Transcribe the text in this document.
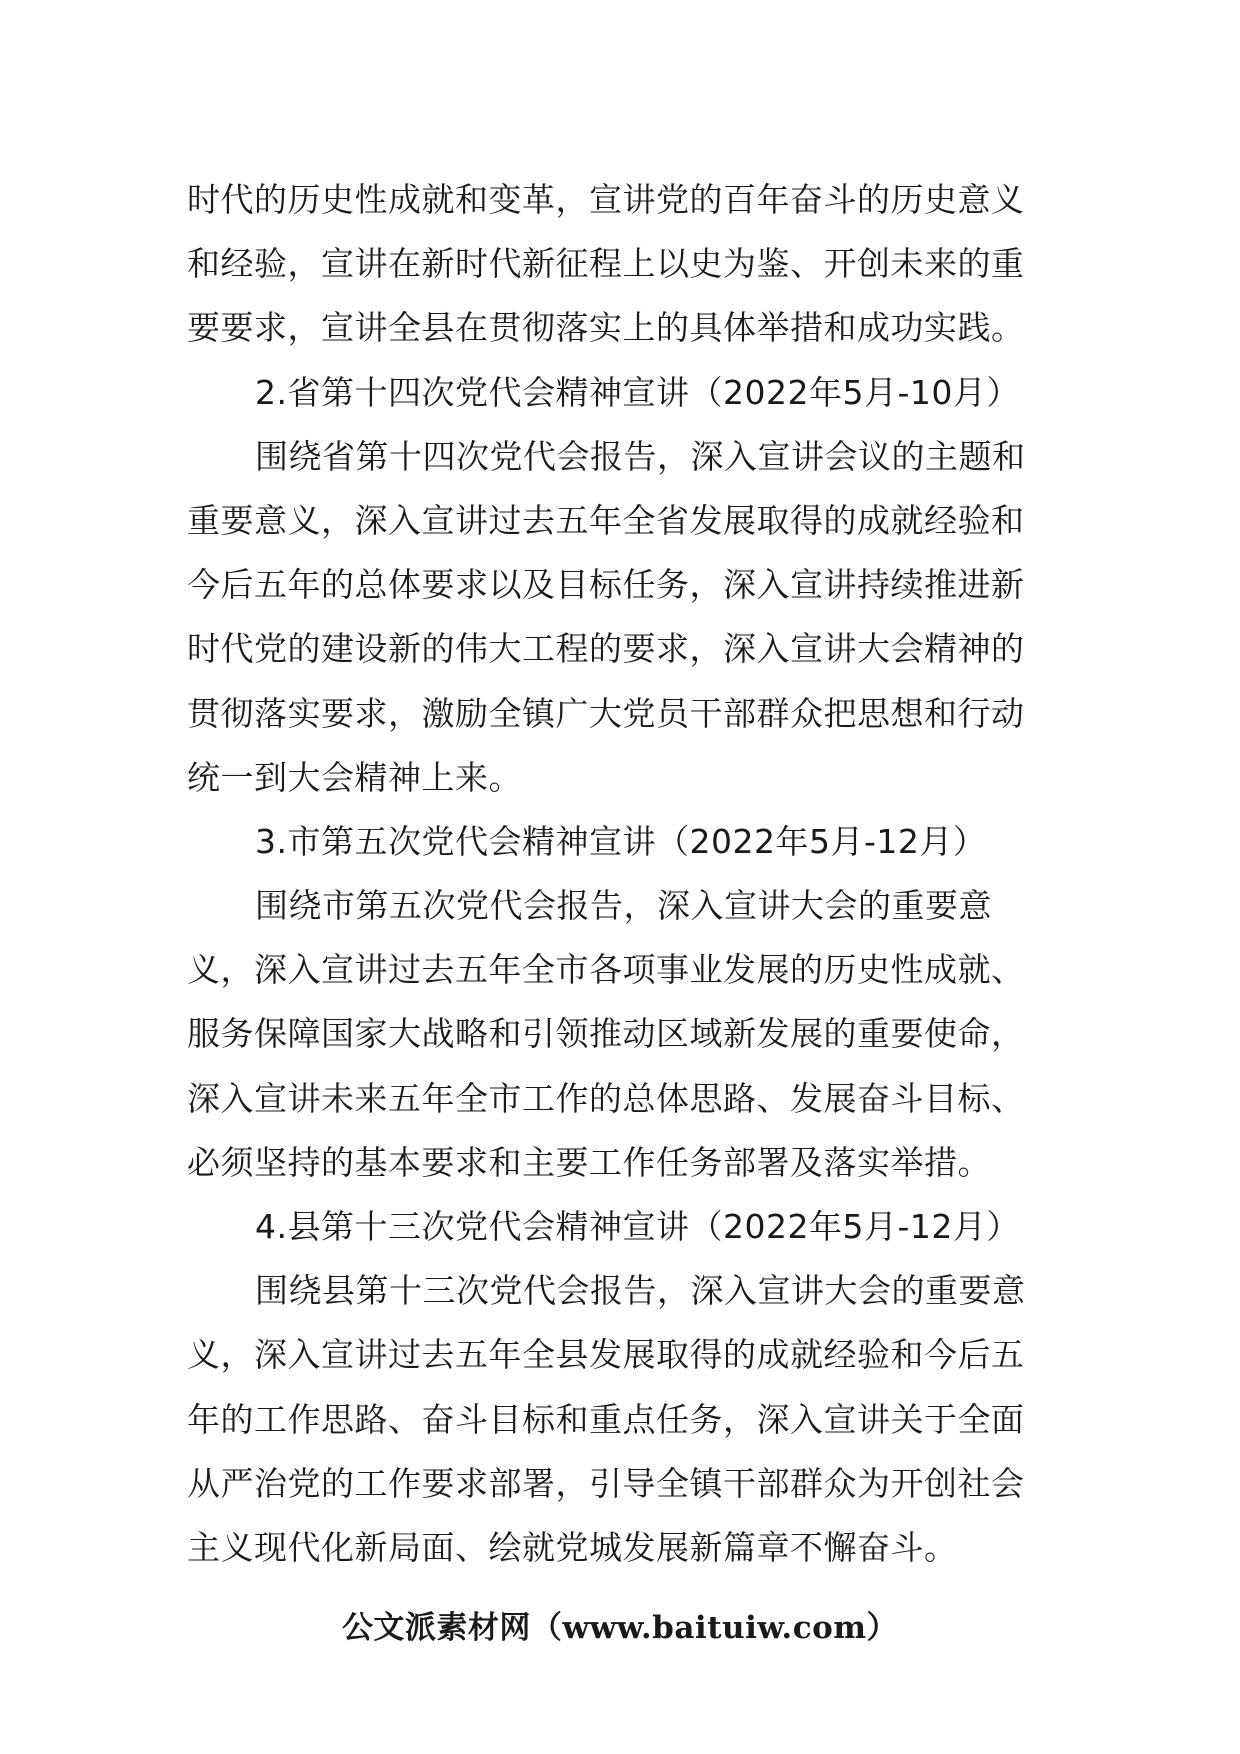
时代的历史性成就和变革，宣讲党的百年奋斗的历史意义
和经验，宣讲在新时代新征程上以史为鉴、开创未来的重
要要求，宣讲全县在贯彻落实上的具体举措和成功实践。
2.省第十四次党代会精神宣讲（2022年5月-10月）
围绕省第十四次党代会报告，深入宣讲会议的主题和
重要意义，深入宣讲过去五年全省发展取得的成就经验和
今后五年的总体要求以及目标任务，深入宣讲持续推进新
时代党的建设新的伟大工程的要求，深入宣讲大会精神的
贯彻落实要求，激励全镇广大党员干部群众把思想和行动
统一到大会精神上来。
3.市第五次党代会精神宣讲（2022年5月-12月）
围绕市第五次党代会报告，深入宣讲大会的重要意
义，深入宣讲过去五年全市各项事业发展的历史性成就、
服务保障国家大战略和引领推动区域新发展的重要使命，
深入宣讲未来五年全市工作的总体思路、发展奋斗目标、
必须坚持的基本要求和主要工作任务部署及落实举措。
4.县第十三次党代会精神宣讲（2022年5月-12月）
围绕县第十三次党代会报告，深入宣讲大会的重要意
义，深入宣讲过去五年全县发展取得的成就经验和今后五
年的工作思路、奋斗目标和重点任务，深入宣讲关于全面
从严治党的工作要求部署，引导全镇干部群众为开创社会
主义现代化新局面、绘就党城发展新篇章不懈奋斗。
公文派素材网（www.baituiw.com）
